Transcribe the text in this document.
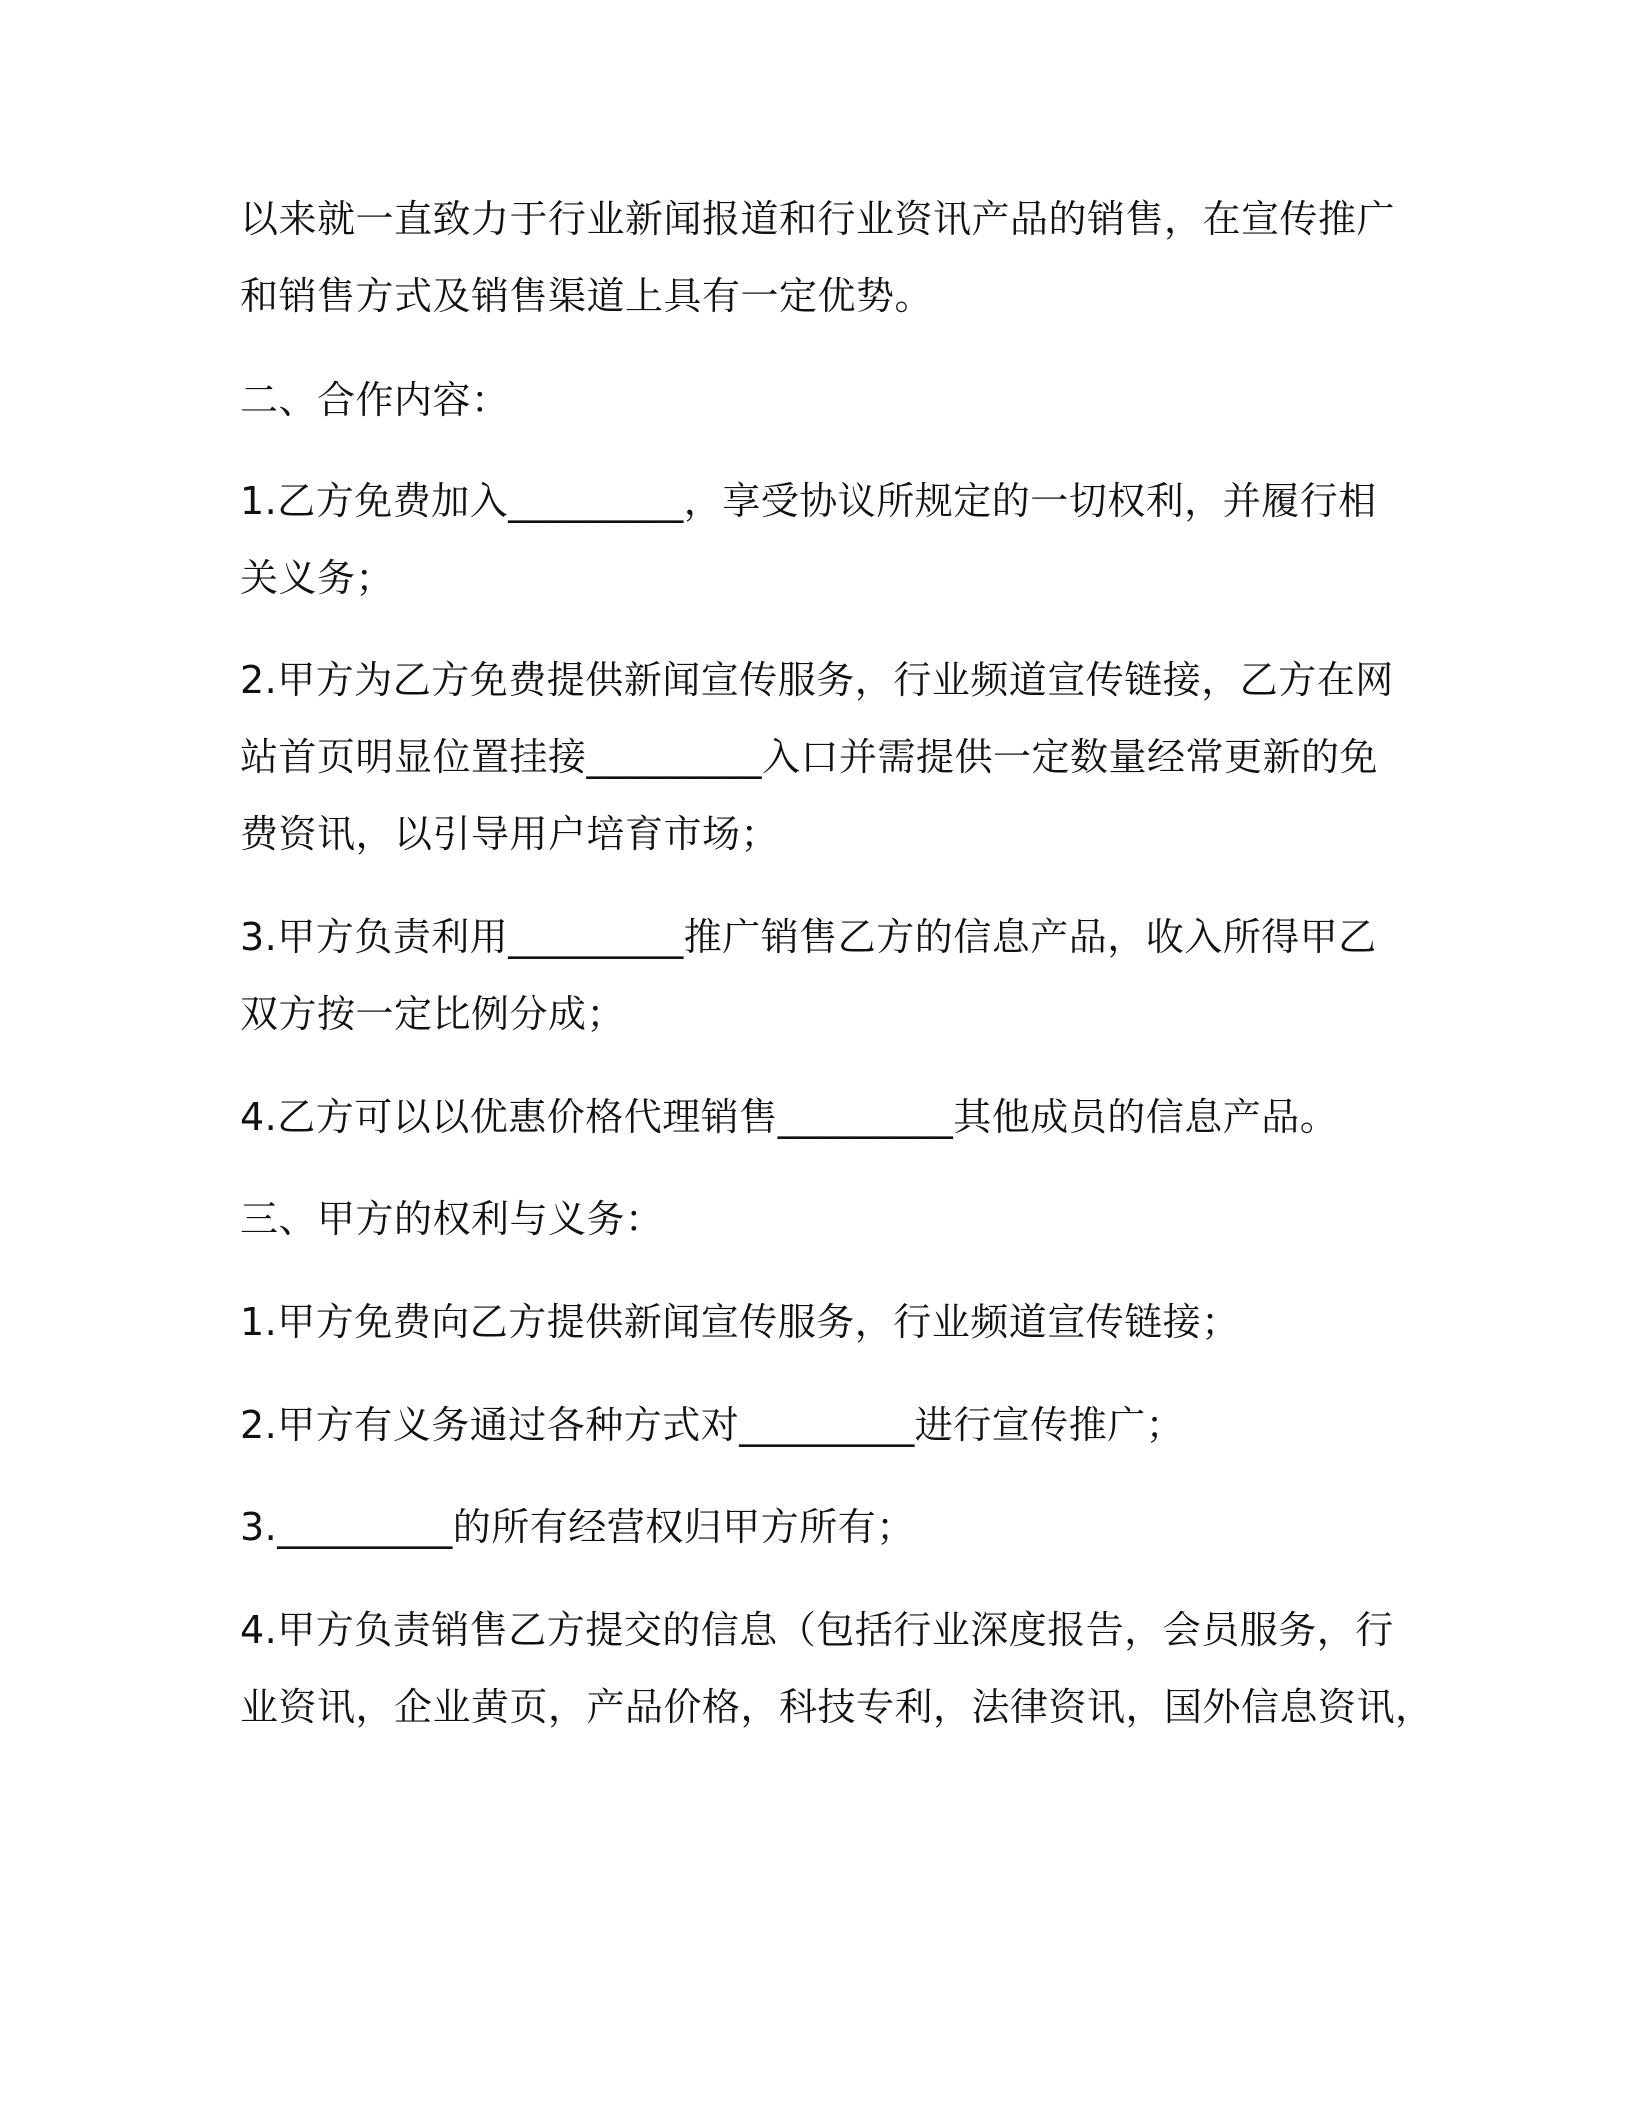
以来就一直致力于行业新闻报道和行业资讯产品的销售，在宣传推广
和销售方式及销售渠道上具有一定优势。
二、合作内容：
1.乙方免费加入_________，享受协议所规定的一切权利，并履行相
关义务；
2.甲方为乙方免费提供新闻宣传服务，行业频道宣传链接，乙方在网
站首页明显位置挂接_________入口并需提供一定数量经常更新的免
费资讯，以引导用户培育市场；
3.甲方负责利用_________推广销售乙方的信息产品，收入所得甲乙
双方按一定比例分成；
4.乙方可以以优惠价格代理销售_________其他成员的信息产品。
三、甲方的权利与义务：
1.甲方免费向乙方提供新闻宣传服务，行业频道宣传链接；
2.甲方有义务通过各种方式对_________进行宣传推广；
3._________的所有经营权归甲方所有；
4.甲方负责销售乙方提交的信息（包括行业深度报告，会员服务，行
业资讯，企业黄页，产品价格，科技专利，法律资讯，国外信息资讯，
